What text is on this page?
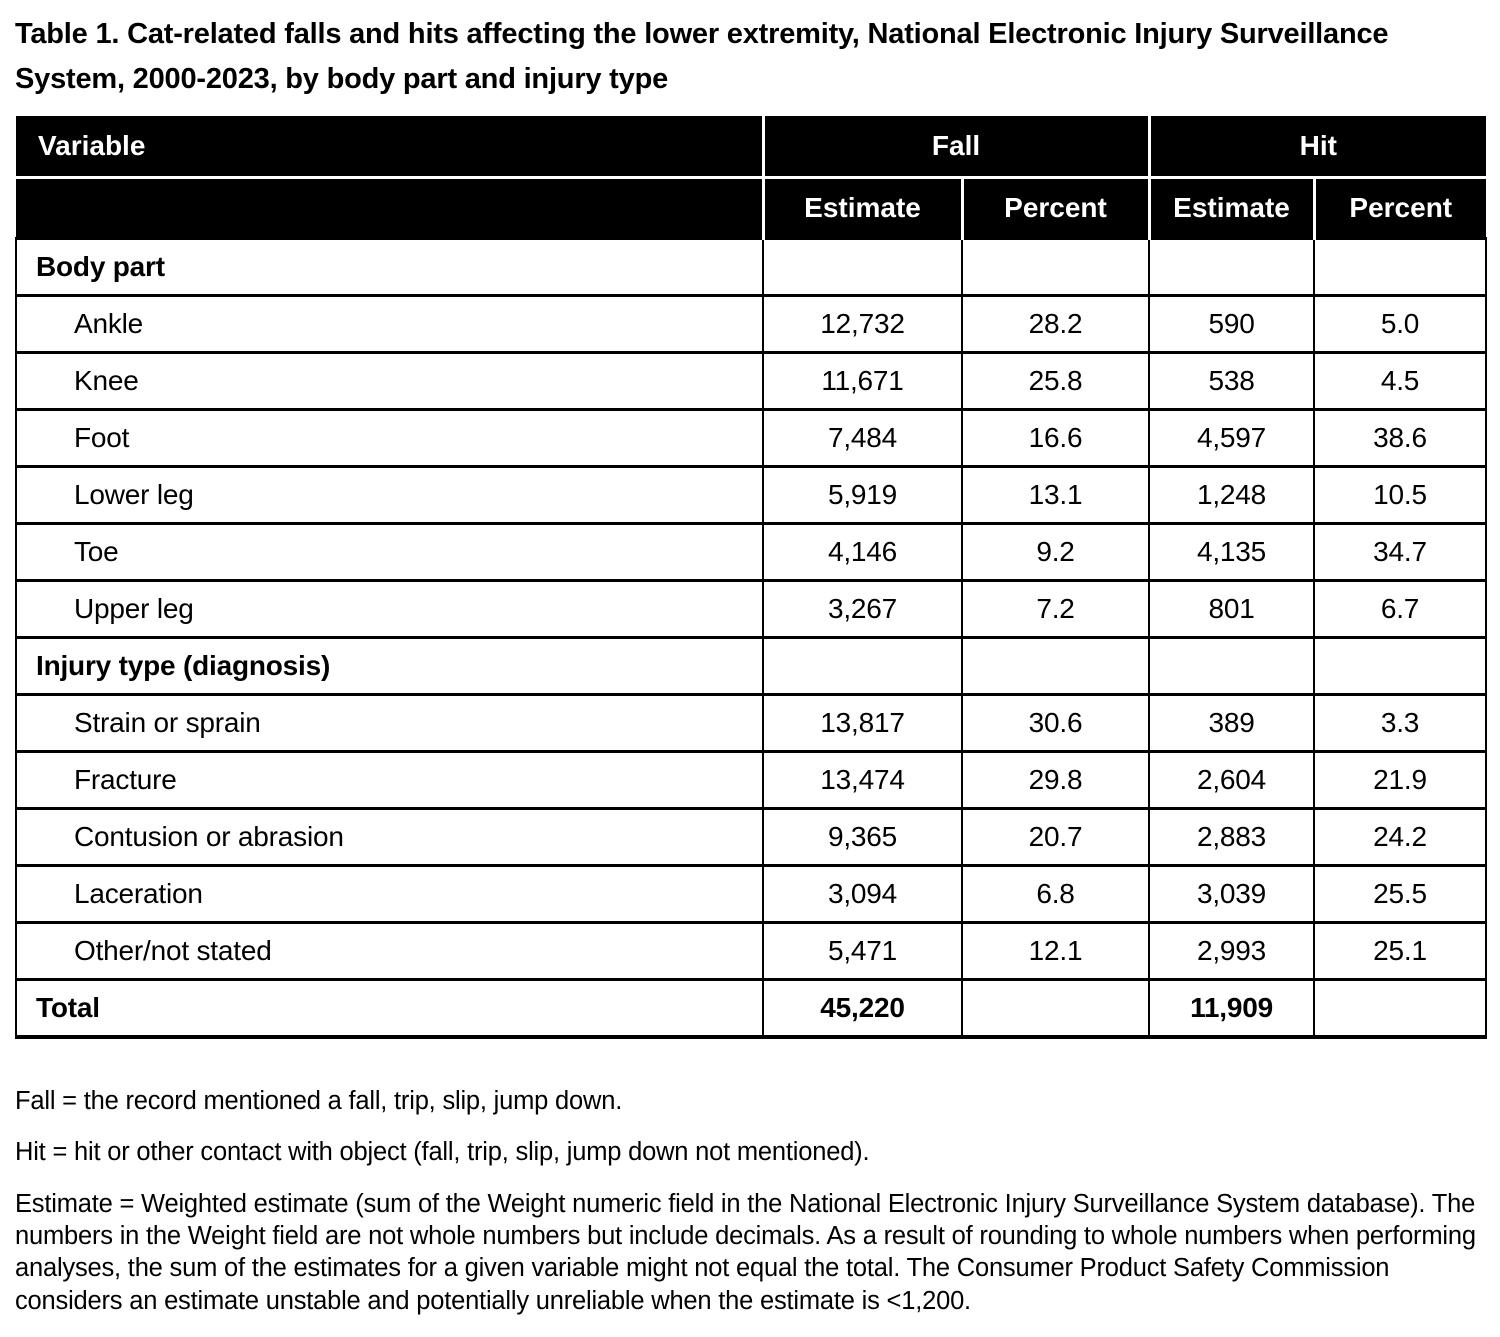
Table 1. Cat-related falls and hits affecting the lower extremity, National Electronic Injury Surveillance System, 2000-2023, by body part and injury type
Variable	Fall		Hit	
	Estimate	Percent	Estimate	Percent
Body part				
Ankle	12,732	28.2	590	5.0
Knee	11,671	25.8	538	4.5
Foot	7,484	16.6	4,597	38.6
Lower leg	5,919	13.1	1,248	10.5
Toe	4,146	9.2	4,135	34.7
Upper leg	3,267	7.2	801	6.7
Injury type (diagnosis)				
Strain or sprain	13,817	30.6	389	3.3
Fracture	13,474	29.8	2,604	21.9
Contusion or abrasion	9,365	20.7	2,883	24.2
Laceration	3,094	6.8	3,039	25.5
Other/not stated	5,471	12.1	2,993	25.1
Total	45,220		11,909	

Fall = the record mentioned a fall, trip, slip, jump down.

Hit = hit or other contact with object (fall, trip, slip, jump down not mentioned).

Estimate = Weighted estimate (sum of the Weight numeric field in the National Electronic Injury Surveillance System database). The numbers in the Weight field are not whole numbers but include decimals. As a result of rounding to whole numbers when performing analyses, the sum of the estimates for a given variable might not equal the total. The Consumer Product Safety Commission considers an estimate unstable and potentially unreliable when the estimate is <1,200.
